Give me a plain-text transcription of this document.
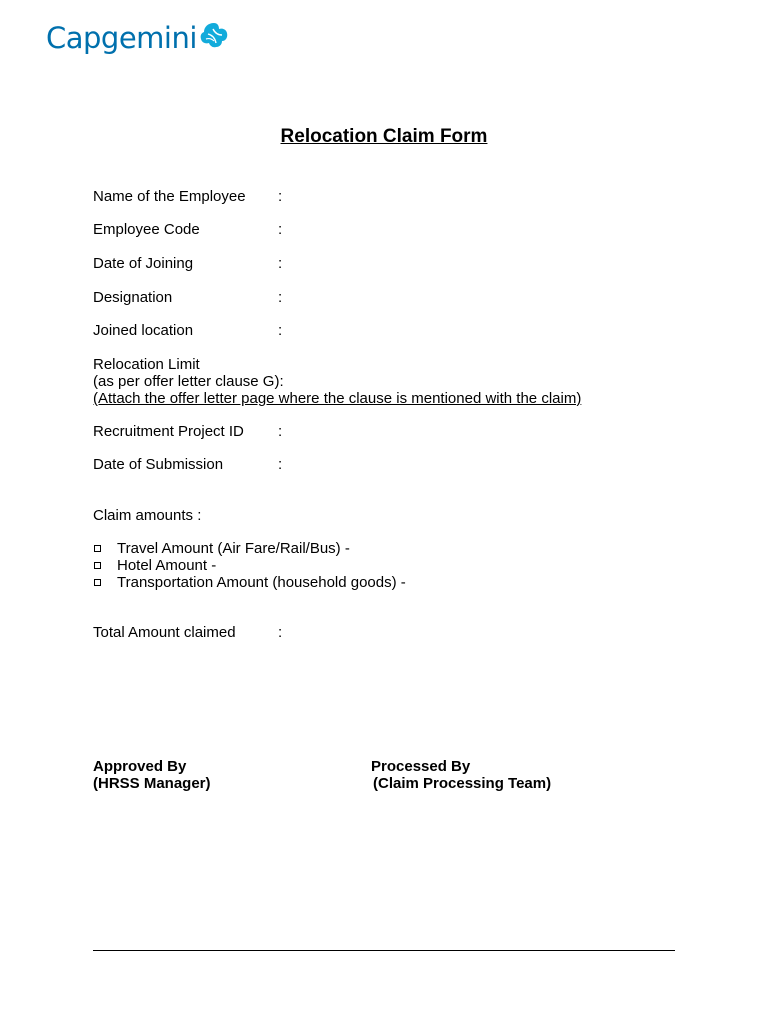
Capgemini
Relocation Claim Form
Name of the Employee :
Employee Code	:
Date of Joining	:
Designation	:
Joined location	:
Relocation Limit
(as per offer letter clause G):
(Attach the offer letter page where the clause is mentioned with the claim)
Recruitment Project ID :
Date of Submission	:
Claim amounts :
Travel Amount (Air Fare/Rail/Bus) -
Hotel Amount -
Transportation Amount (household goods) -
Total Amount claimed	:
Approved By
(HRSS Manager)
Processed By
(Claim Processing Team)
